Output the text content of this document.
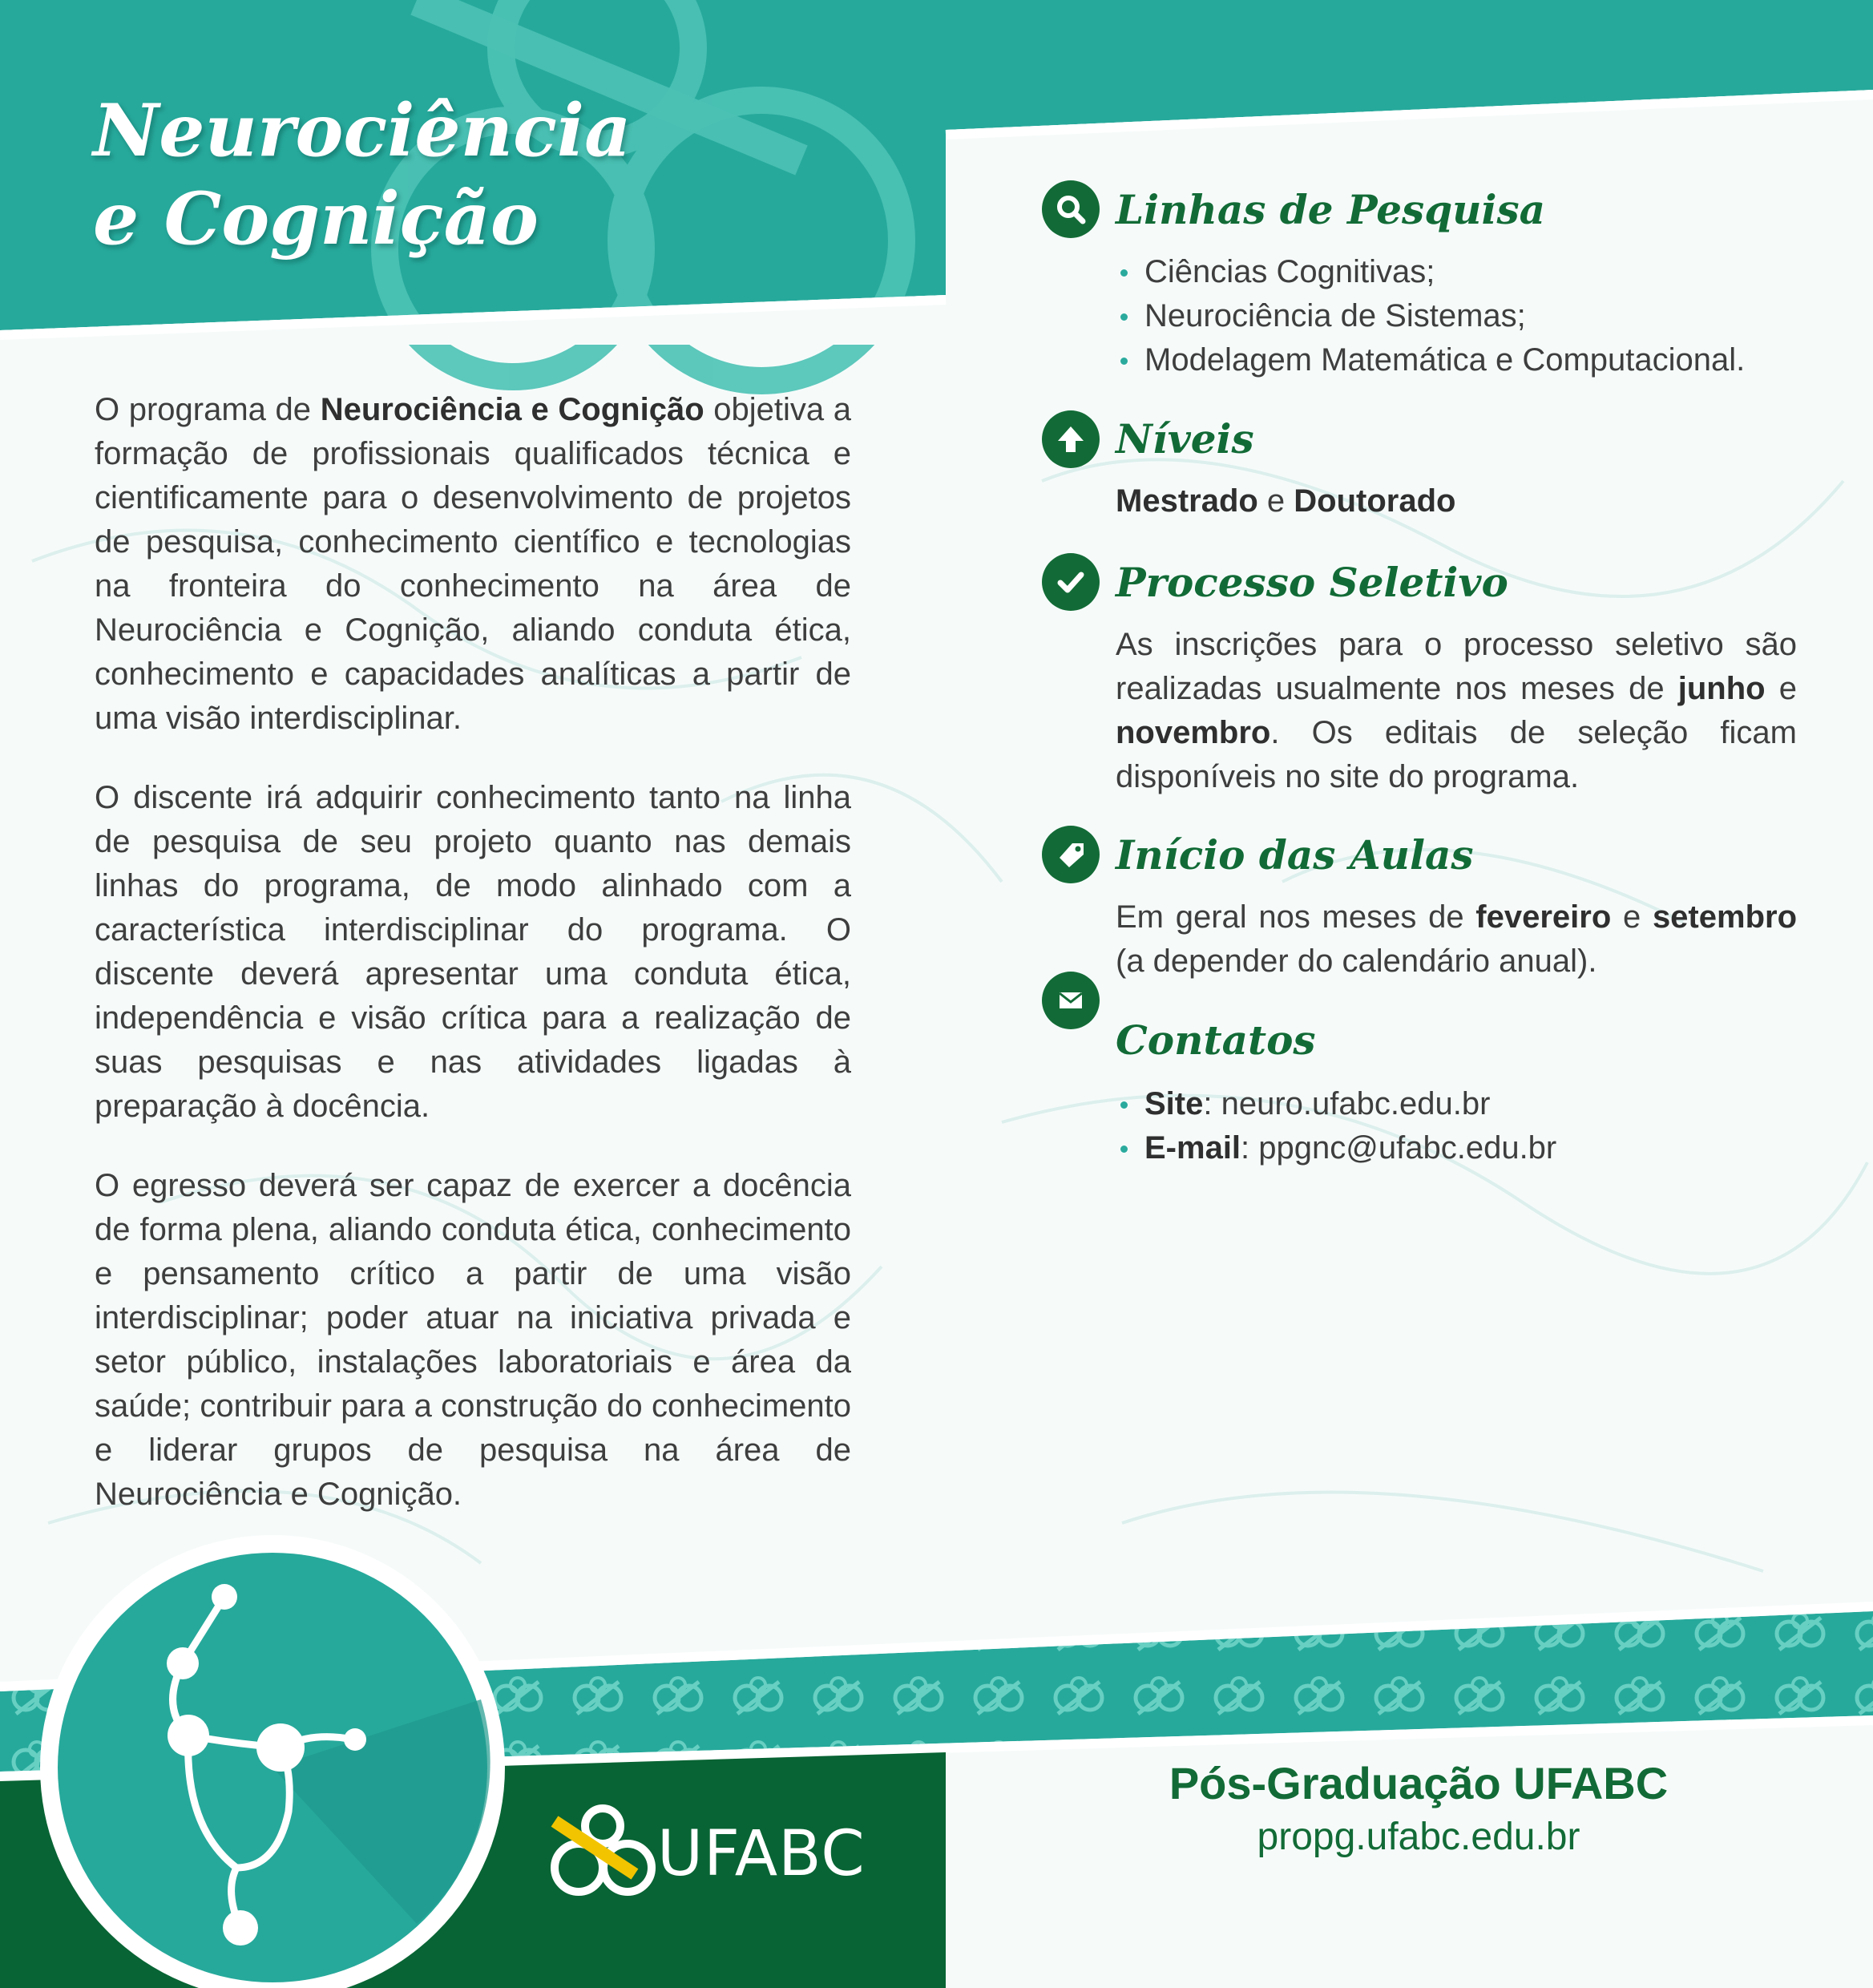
Neurociência
e Cognição

O programa de Neurociência e Cognição objetiva a formação de profissionais qualificados técnica e cientificamente para o desenvolvimento de projetos de pesquisa, conhecimento científico e tecnologias na fronteira do conhecimento na área de Neurociência e Cognição, aliando conduta ética, conhecimento e capacidades analíticas a partir de uma visão interdisciplinar.

O discente irá adquirir conhecimento tanto na linha de pesquisa de seu projeto quanto nas demais linhas do programa, de modo alinhado com a característica interdisciplinar do programa. O discente deverá apresentar uma conduta ética, independência e visão crítica para a realização de suas pesquisas e nas atividades ligadas à preparação à docência.

O egresso deverá ser capaz de exercer a docência de forma plena, aliando conduta ética, conhecimento e pensamento crítico a partir de uma visão interdisciplinar; poder atuar na iniciativa privada e setor público, instalações laboratoriais e área da saúde; contribuir para a construção do conhecimento e liderar grupos de pesquisa na área de Neurociência e Cognição.

Linhas de Pesquisa
Ciências Cognitivas;
Neurociência de Sistemas;
Modelagem Matemática e Computacional.
Níveis
Mestrado e Doutorado
Processo Seletivo
As inscrições para o processo seletivo são realizadas usualmente nos meses de junho e novembro. Os editais de seleção ficam disponíveis no site do programa.
Início das Aulas
Em geral nos meses de fevereiro e setembro (a depender do calendário anual).
Contatos
Site: neuro.ufabc.edu.br
E-mail: ppgnc@ufabc.edu.br
UFABC
Pós-Graduação UFABC
propg.ufabc.edu.br
